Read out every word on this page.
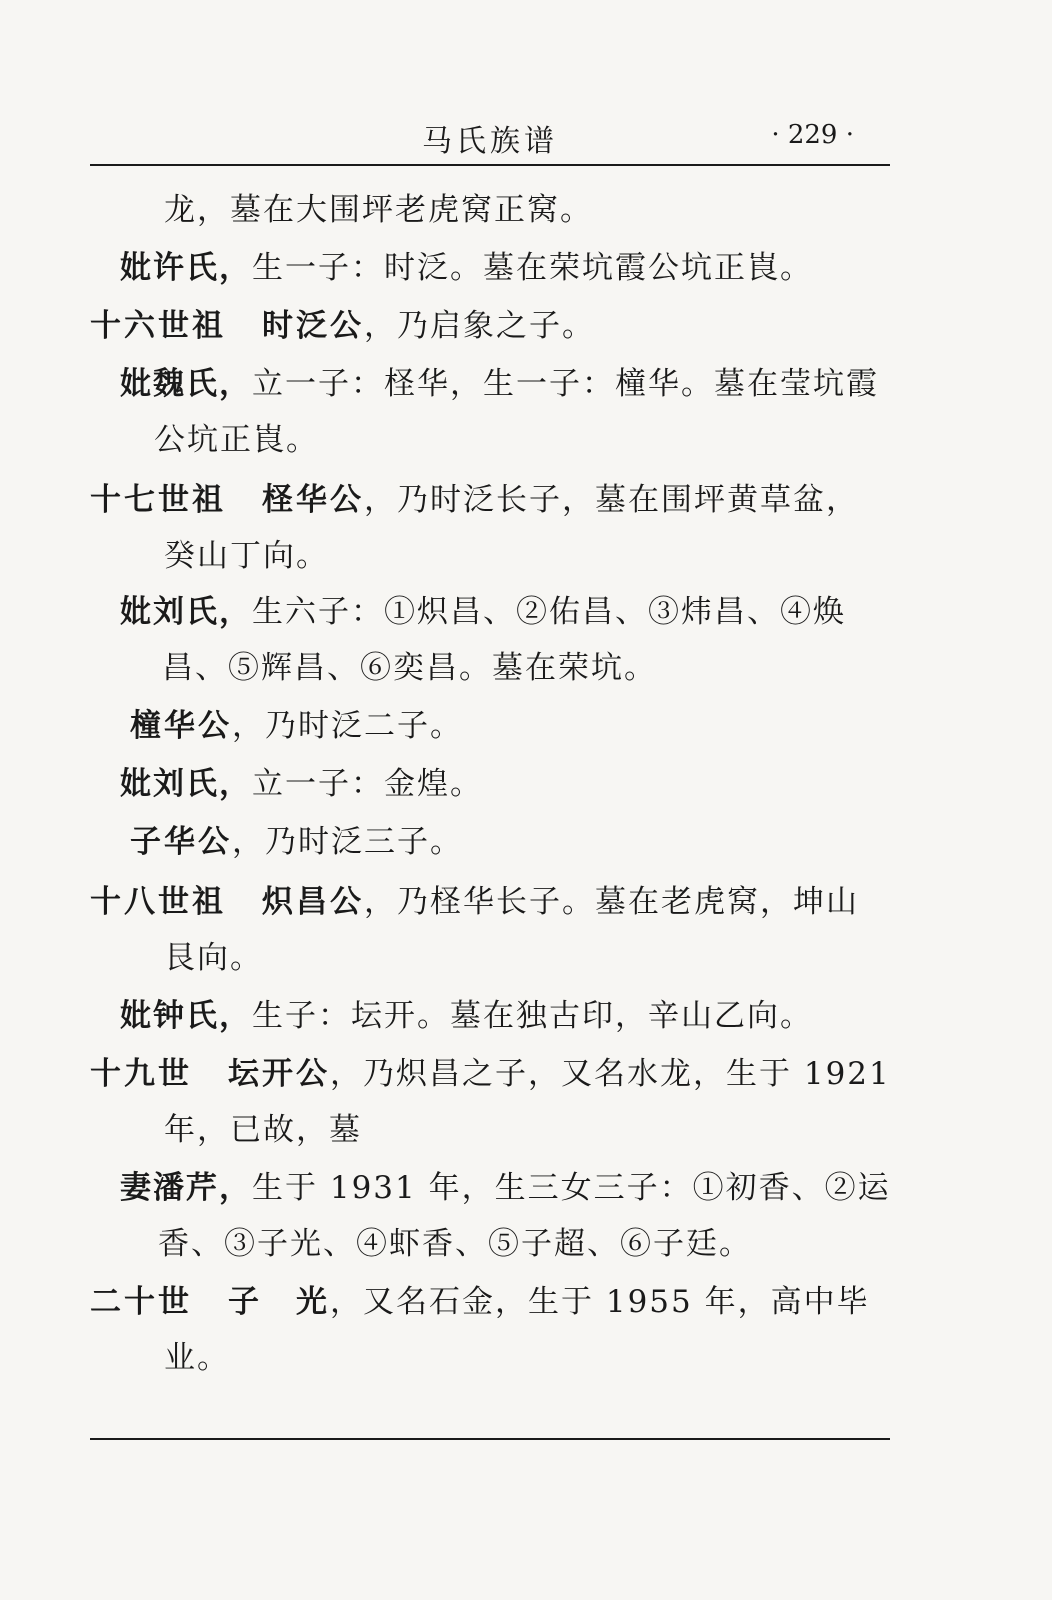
马氏族谱	· 229 ·
龙，墓在大围坪老虎窝正窝。
妣许氏，生一子：时泛。墓在荣坑霞公坑正崀。
十六世祖 时泛公，乃启象之子。
妣魏氏，立一子：柽华，生一子：橦华。墓在莹坑霞
公坑正崀。
十七世祖 柽华公，乃时泛长子，墓在围坪黄草盆，
癸山丁向。
妣刘氏，生六子：①炽昌、②佑昌、③炜昌、④焕
昌、⑤辉昌、⑥奕昌。墓在荣坑。
橦华公，乃时泛二子。
妣刘氏，立一子：金煌。
子华公，乃时泛三子。
十八世祖 炽昌公，乃柽华长子。墓在老虎窝，坤山
艮向。
妣钟氏，生子：坛开。墓在独古印，辛山乙向。
十九世 坛开公，乃炽昌之子，又名水龙，生于 1921
年，已故，墓
妻潘芹，生于 1931 年，生三女三子：①初香、②运
香、③子光、④虾香、⑤子超、⑥子廷。
二十世 子　光，又名石金，生于 1955 年，高中毕
业。
